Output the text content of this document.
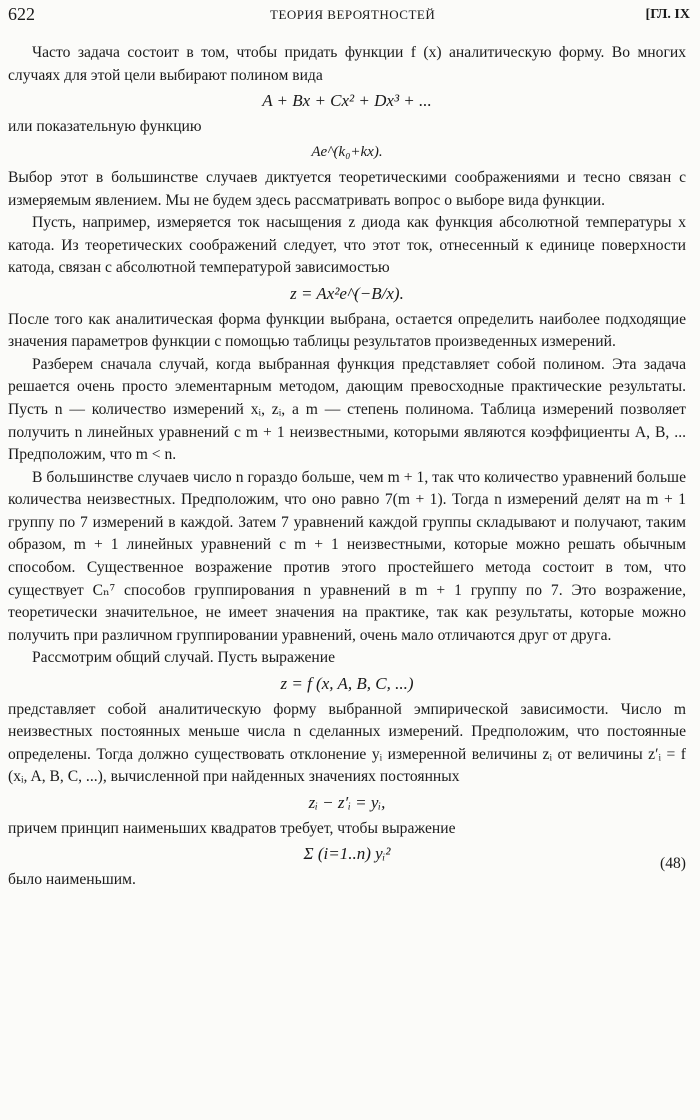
622	ТЕОРИЯ ВЕРОЯТНОСТЕЙ	[ГЛ. IX

Часто задача состоит в том, чтобы придать функции f (x) аналитическую форму. Во многих случаях для этой цели выбирают полином вида

A + Bx + Cx² + Dx³ + ...

или показательную функцию

Ae^(k₀+kx).

Выбор этот в большинстве случаев диктуется теоретическими соображениями и тесно связан с измеряемым явлением. Мы не будем здесь рассматривать вопрос о выборе вида функции.

Пусть, например, измеряется ток насыщения z диода как функция абсолютной температуры x катода. Из теоретических соображений следует, что этот ток, отнесенный к единице поверхности катода, связан с абсолютной температурой зависимостью

z = Ax²e^(−B/x).

После того как аналитическая форма функции выбрана, остается определить наиболее подходящие значения параметров функции с помощью таблицы результатов произведенных измерений.

Разберем сначала случай, когда выбранная функция представляет собой полином. Эта задача решается очень просто элементарным методом, дающим превосходные практические результаты. Пусть n — количество измерений xᵢ, zᵢ, а m — степень полинома. Таблица измерений позволяет получить n линейных уравнений с m + 1 неизвестными, которыми являются коэффициенты A, B, ... Предположим, что m < n.

В большинстве случаев число n гораздо больше, чем m + 1, так что количество уравнений больше количества неизвестных. Предположим, что оно равно 7(m + 1). Тогда n измерений делят на m + 1 группу по 7 измерений в каждой. Затем 7 уравнений каждой группы складывают и получают, таким образом, m + 1 линейных уравнений с m + 1 неизвестными, которые можно решать обычным способом. Существенное возражение против этого простейшего метода состоит в том, что существует Cₙ⁷ способов группирования n уравнений в m + 1 группу по 7. Это возражение, теоретически значительное, не имеет значения на практике, так как результаты, которые можно получить при различном группировании уравнений, очень мало отличаются друг от друга.

Рассмотрим общий случай. Пусть выражение

z = f (x, A, B, C, ...)

представляет собой аналитическую форму выбранной эмпирической зависимости. Число m неизвестных постоянных меньше числа n сделанных измерений. Предположим, что постоянные определены. Тогда должно существовать отклонение yᵢ измеренной величины zᵢ от величины z′ᵢ = f (xᵢ, A, B, C, ...), вычисленной при найденных значениях постоянных

zᵢ − z′ᵢ = yᵢ,

причем принцип наименьших квадратов требует, чтобы выражение

Σ (i=1..n) yᵢ²
(48)

было наименьшим.
